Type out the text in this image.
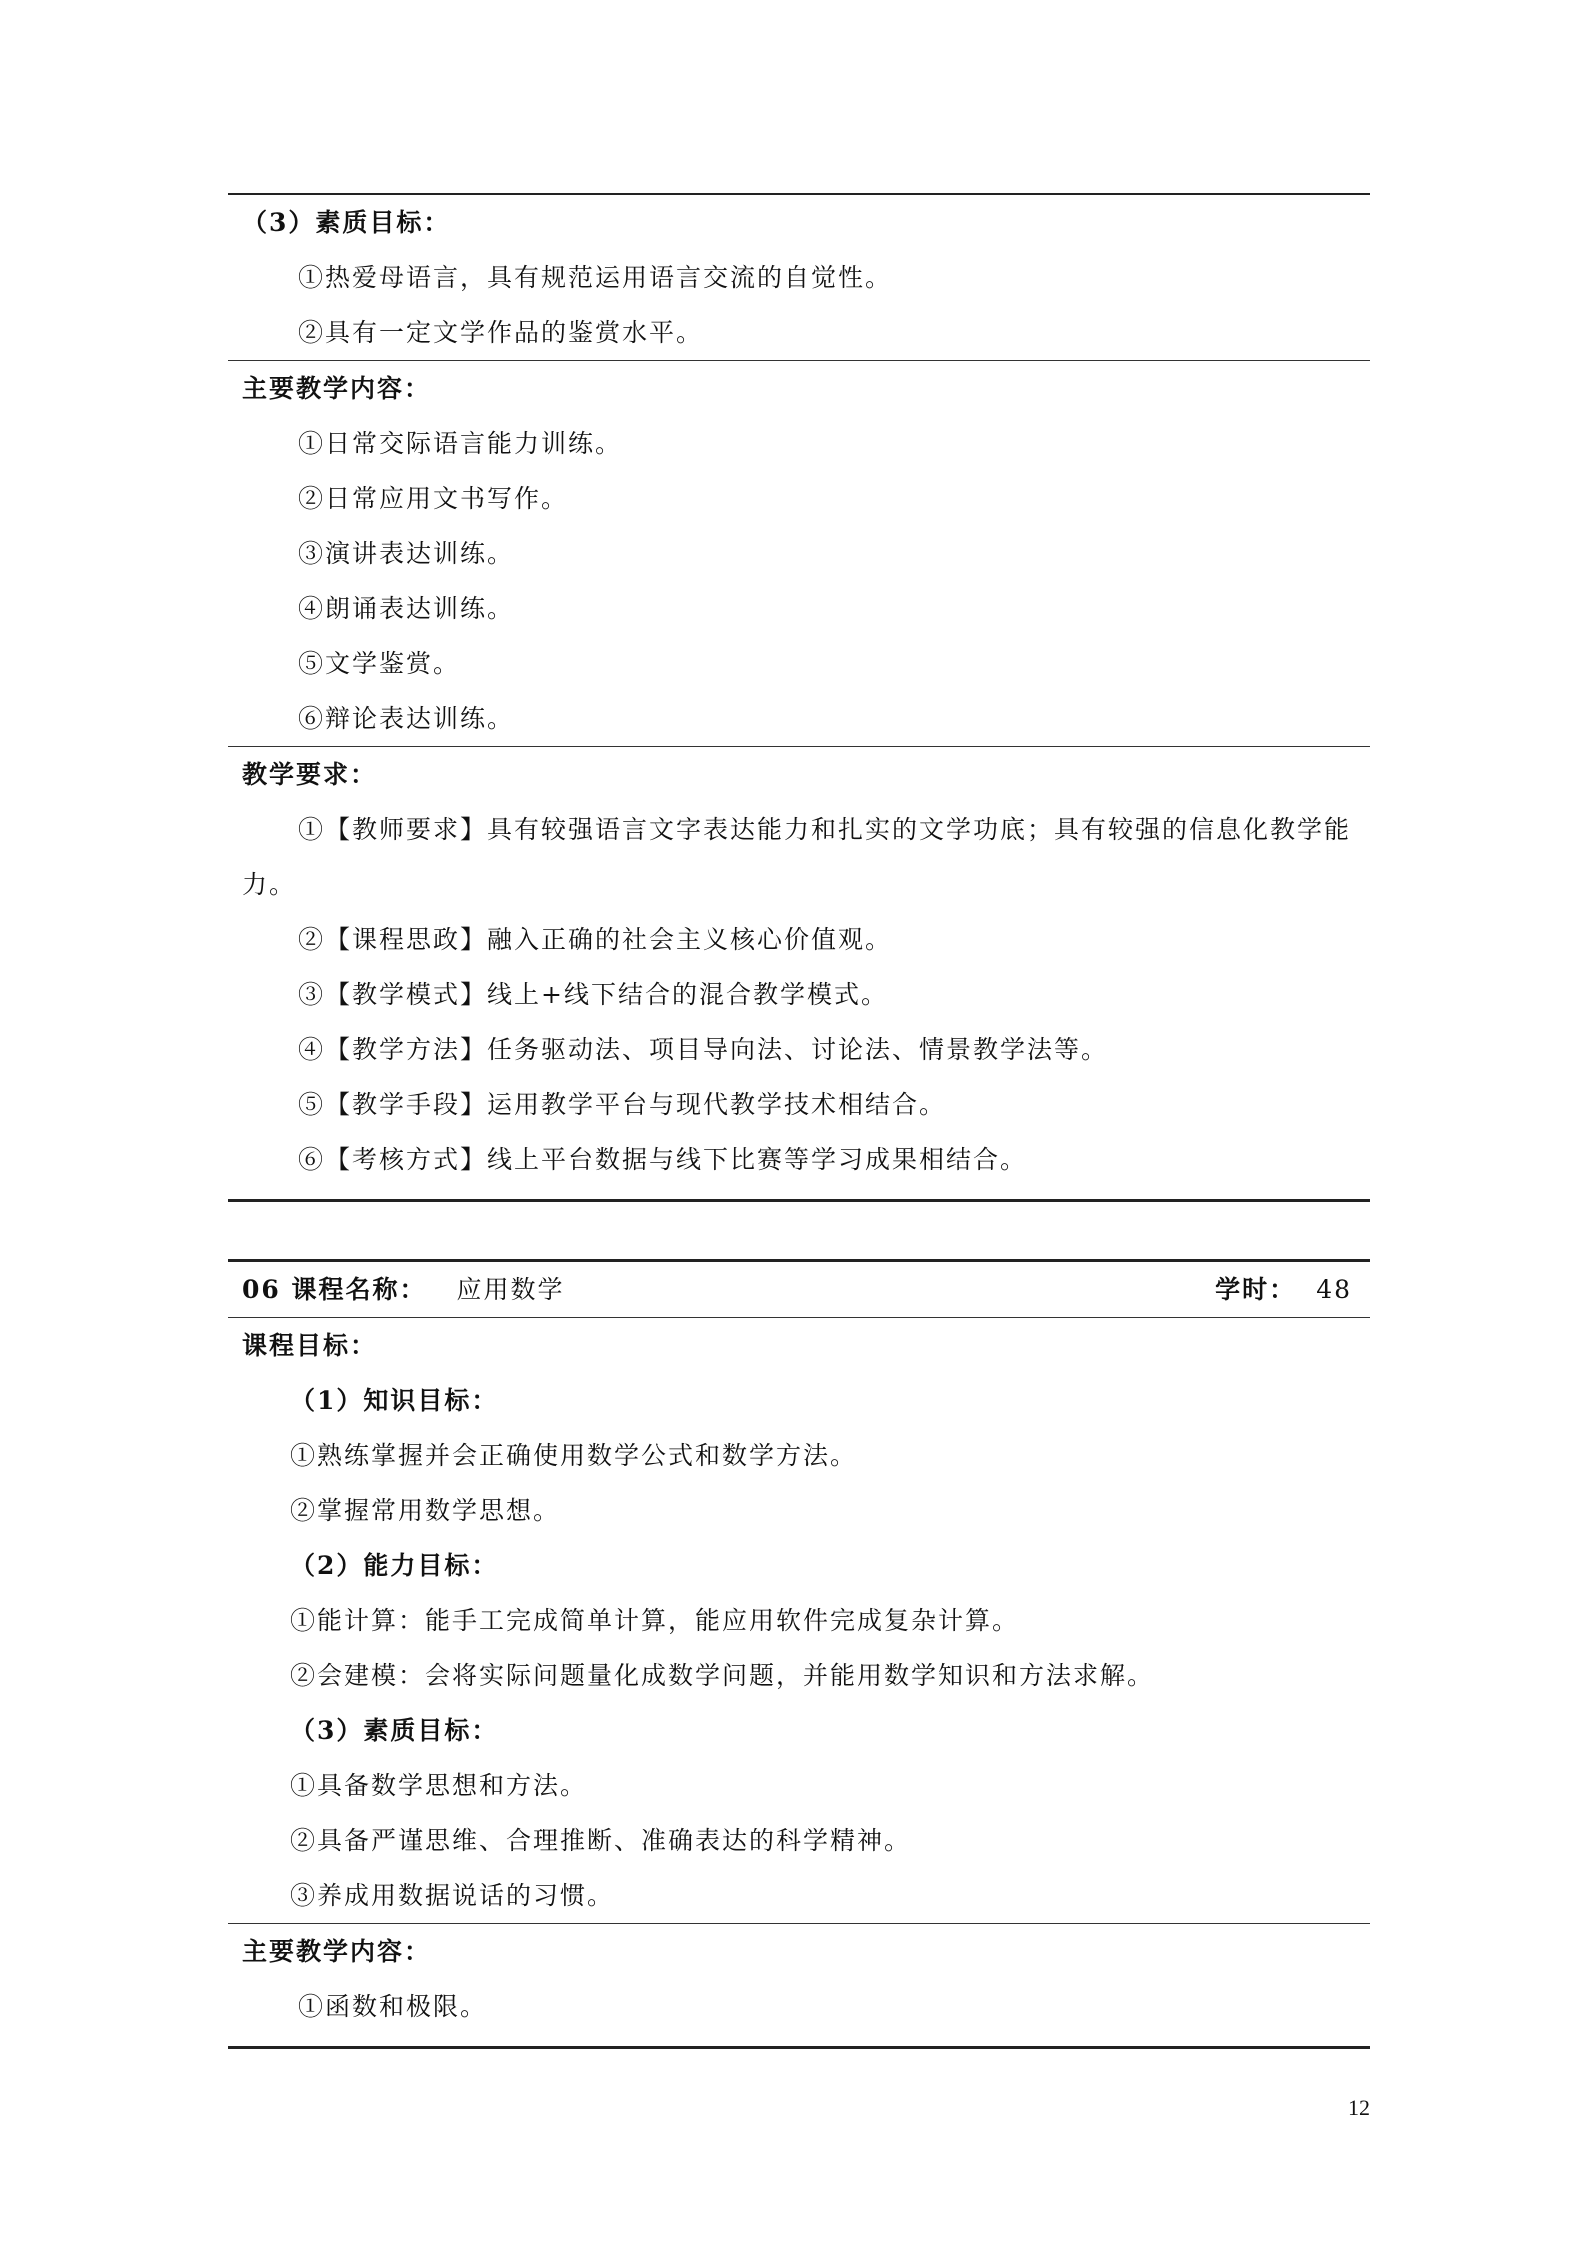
（3）素质目标：
①热爱母语言，具有规范运用语言交流的自觉性。
②具有一定文学作品的鉴赏水平。
主要教学内容：
①日常交际语言能力训练。
②日常应用文书写作。
③演讲表达训练。
④朗诵表达训练。
⑤文学鉴赏。
⑥辩论表达训练。
教学要求：
①【教师要求】具有较强语言文字表达能力和扎实的文学功底；具有较强的信息化教学能力。
②【课程思政】融入正确的社会主义核心价值观。
③【教学模式】线上+线下结合的混合教学模式。
④【教学方法】任务驱动法、项目导向法、讨论法、情景教学法等。
⑤【教学手段】运用教学平台与现代教学技术相结合。
⑥【考核方式】线上平台数据与线下比赛等学习成果相结合。
06 课程名称： 应用数学	学时： 48
课程目标：
（1）知识目标：
①熟练掌握并会正确使用数学公式和数学方法。
②掌握常用数学思想。
（2）能力目标：
①能计算：能手工完成简单计算，能应用软件完成复杂计算。
②会建模：会将实际问题量化成数学问题，并能用数学知识和方法求解。
（3）素质目标：
①具备数学思想和方法。
②具备严谨思维、合理推断、准确表达的科学精神。
③养成用数据说话的习惯。
主要教学内容：
①函数和极限。
12
